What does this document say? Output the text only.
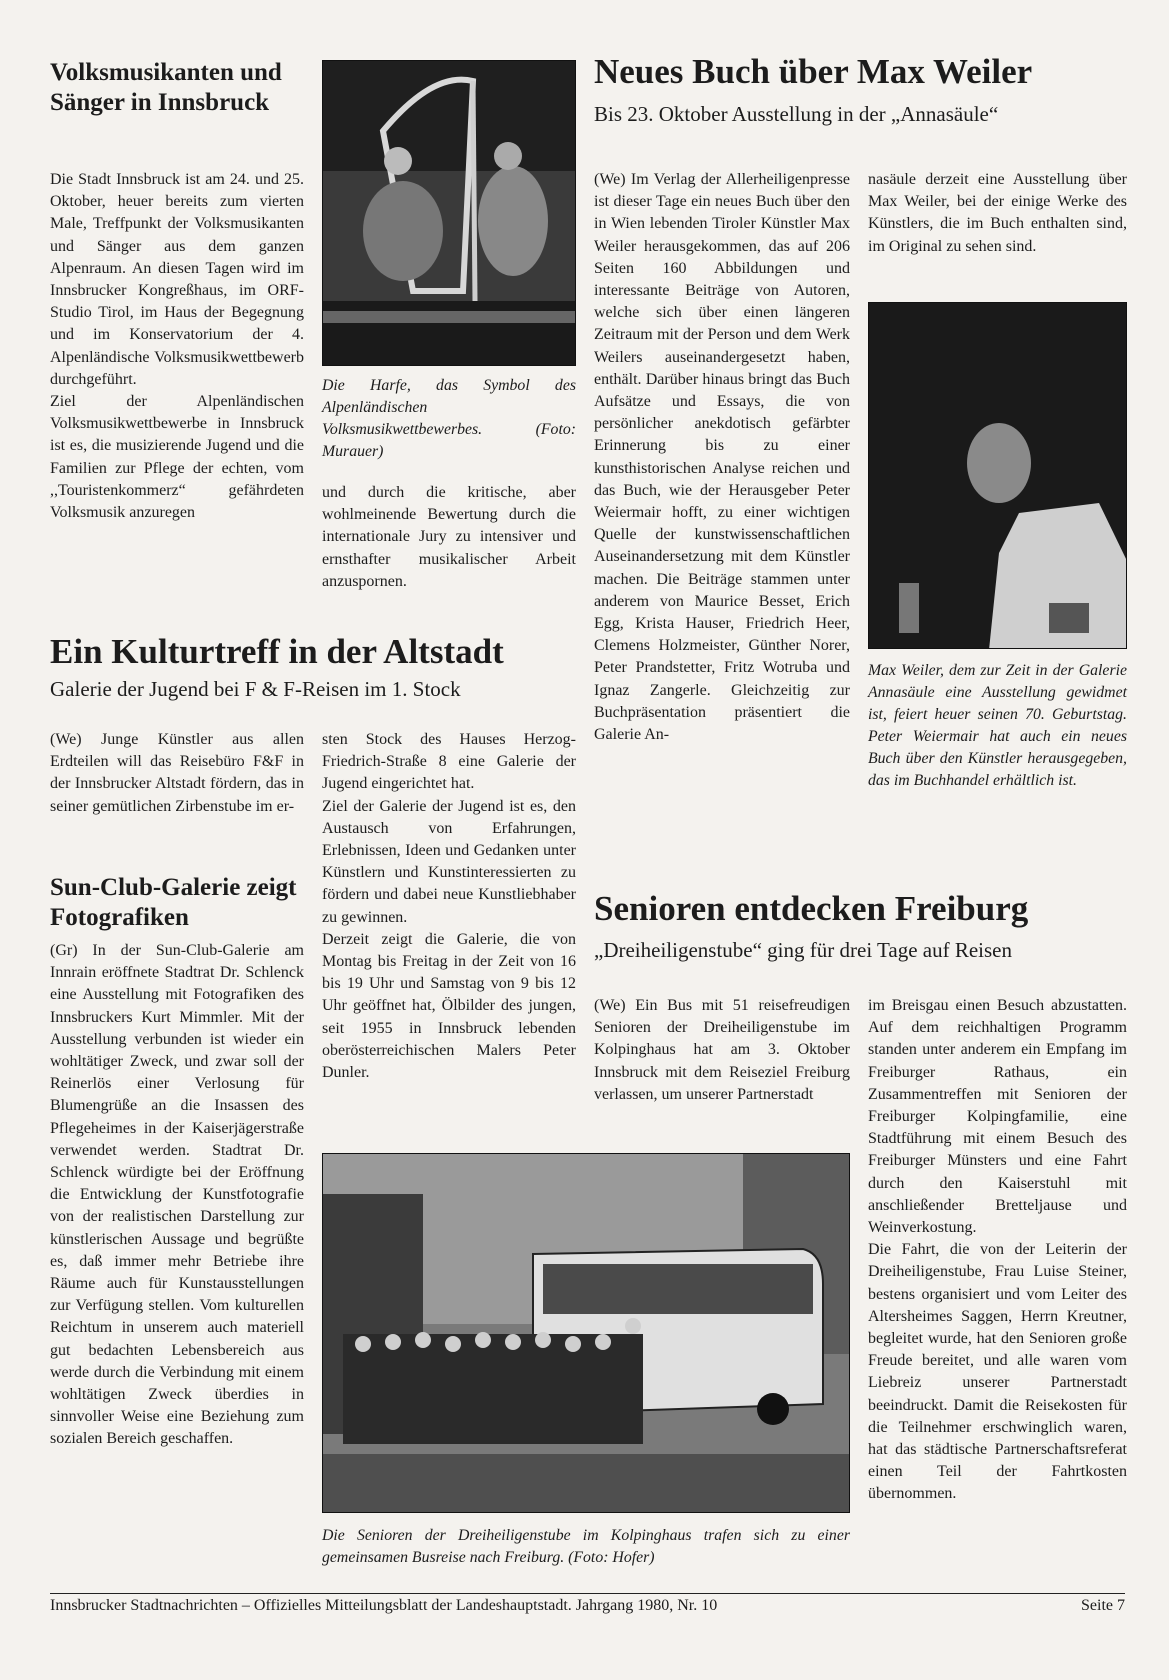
Volksmusikanten und Sänger in Innsbruck

Die Stadt Innsbruck ist am 24. und 25. Oktober, heuer bereits zum vierten Male, Treffpunkt der Volksmusikanten und Sänger aus dem ganzen Alpenraum. An diesen Tagen wird im Innsbrucker Kongreßhaus, im ORF-Studio Tirol, im Haus der Begegnung und im Konservatorium der 4. Alpenländische Volksmusikwettbewerb durchgeführt.

Ziel der Alpenländischen Volksmusikwettbewerbe in Innsbruck ist es, die musizierende Jugend und die Familien zur Pflege der echten, vom ,,Touristenkommerz“ gefährdeten Volksmusik anzuregen

Die Harfe, das Symbol des Alpenländischen Volksmusikwettbewerbes. (Foto: Murauer)
und durch die kritische, aber wohlmeinende Bewertung durch die internationale Jury zu intensiver und ernsthafter musikalischer Arbeit anzuspornen.
Neues Buch über Max Weiler
Bis 23. Oktober Ausstellung in der „Annasäule“
(We) Im Verlag der Allerheiligenpresse ist dieser Tage ein neues Buch über den in Wien lebenden Tiroler Künstler Max Weiler herausgekommen, das auf 206 Seiten 160 Abbildungen und interessante Beiträge von Autoren, welche sich über einen längeren Zeitraum mit der Person und dem Werk Weilers auseinandergesetzt haben, enthält. Darüber hinaus bringt das Buch Aufsätze und Essays, die von persönlicher anekdotisch gefärbter Erinnerung bis zu einer kunsthistorischen Analyse reichen und das Buch, wie der Herausgeber Peter Weiermair hofft, zu einer wichtigen Quelle der kunstwissenschaftlichen Auseinandersetzung mit dem Künstler machen. Die Beiträge stammen unter anderem von Maurice Besset, Erich Egg, Krista Hauser, Friedrich Heer, Clemens Holzmeister, Günther Norer, Peter Prandstetter, Fritz Wotruba und Ignaz Zangerle. Gleichzeitig zur Buchpräsentation präsentiert die Galerie An-
nasäule derzeit eine Ausstellung über Max Weiler, bei der einige Werke des Künstlers, die im Buch enthalten sind, im Original zu sehen sind.
Max Weiler, dem zur Zeit in der Galerie Annasäule eine Ausstellung gewidmet ist, feiert heuer seinen 70. Geburtstag. Peter Weiermair hat auch ein neues Buch über den Künstler herausgegeben, das im Buchhandel erhältlich ist.
Ein Kulturtreff in der Altstadt
Galerie der Jugend bei F & F-Reisen im 1. Stock
(We) Junge Künstler aus allen Erdteilen will das Reisebüro F&F in der Innsbrucker Altstadt fördern, das in seiner gemütlichen Zirbenstube im er-

sten Stock des Hauses Herzog-Friedrich-Straße 8 eine Galerie der Jugend eingerichtet hat.

Ziel der Galerie der Jugend ist es, den Austausch von Erfahrungen, Erlebnissen, Ideen und Gedanken unter Künstlern und Kunstinteressierten zu fördern und dabei neue Kunstliebhaber zu gewinnen.

Derzeit zeigt die Galerie, die von Montag bis Freitag in der Zeit von 16 bis 19 Uhr und Samstag von 9 bis 12 Uhr geöffnet hat, Ölbilder des jungen, seit 1955 in Innsbruck lebenden oberösterreichischen Malers Peter Dunler.

Sun-Club-Galerie zeigt Fotografiken
(Gr) In der Sun-Club-Galerie am Innrain eröffnete Stadtrat Dr. Schlenck eine Ausstellung mit Fotografiken des Innsbruckers Kurt Mimmler. Mit der Ausstellung verbunden ist wieder ein wohltätiger Zweck, und zwar soll der Reinerlös einer Verlosung für Blumengrüße an die Insassen des Pflegeheimes in der Kaiserjägerstraße verwendet werden. Stadtrat Dr. Schlenck würdigte bei der Eröffnung die Entwicklung der Kunstfotografie von der realistischen Darstellung zur künstlerischen Aussage und begrüßte es, daß immer mehr Betriebe ihre Räume auch für Kunstausstellungen zur Verfügung stellen. Vom kulturellen Reichtum in unserem auch materiell gut bedachten Lebensbereich aus werde durch die Verbindung mit einem wohltätigen Zweck überdies in sinnvoller Weise eine Beziehung zum sozialen Bereich geschaffen.
Senioren entdecken Freiburg
„Dreiheiligenstube“ ging für drei Tage auf Reisen
(We) Ein Bus mit 51 reisefreudigen Senioren der Dreiheiligenstube im Kolpinghaus hat am 3. Oktober Innsbruck mit dem Reiseziel Freiburg verlassen, um unserer Partnerstadt

im Breisgau einen Besuch abzustatten. Auf dem reichhaltigen Programm standen unter anderem ein Empfang im Freiburger Rathaus, ein Zusammentreffen mit Senioren der Freiburger Kolpingfamilie, eine Stadtführung mit einem Besuch des Freiburger Münsters und eine Fahrt durch den Kaiserstuhl mit anschließender Bretteljause und Weinverkostung.

Die Fahrt, die von der Leiterin der Dreiheiligenstube, Frau Luise Steiner, bestens organisiert und vom Leiter des Altersheimes Saggen, Herrn Kreutner, begleitet wurde, hat den Senioren große Freude bereitet, und alle waren vom Liebreiz unserer Partnerstadt beeindruckt. Damit die Reisekosten für die Teilnehmer erschwinglich waren, hat das städtische Partnerschaftsreferat einen Teil der Fahrtkosten übernommen.

Die Senioren der Dreiheiligenstube im Kolpinghaus trafen sich zu einer gemeinsamen Busreise nach Freiburg. (Foto: Hofer)
Innsbrucker Stadtnachrichten – Offizielles Mitteilungsblatt der Landeshauptstadt. Jahrgang 1980, Nr. 10	Seite 7
